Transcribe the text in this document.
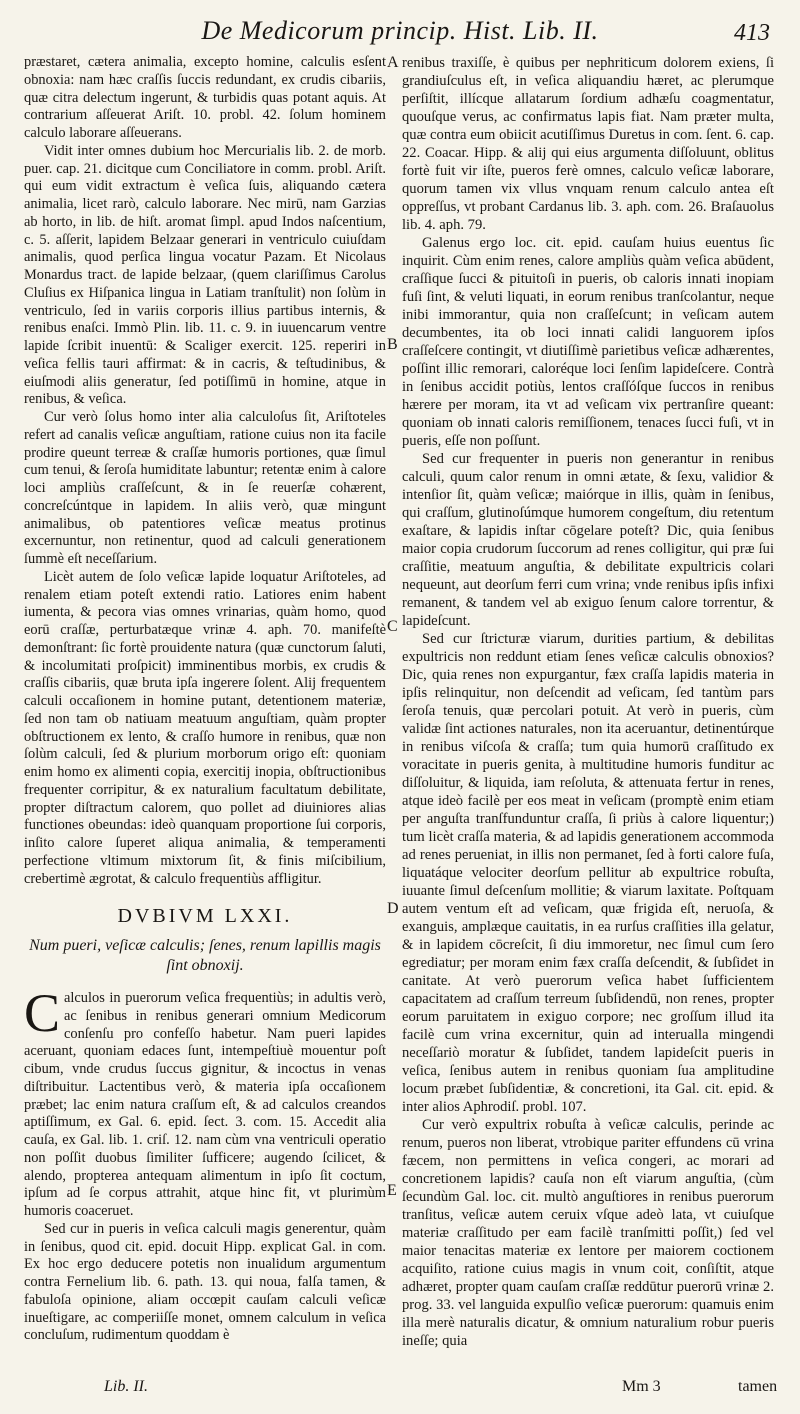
De Medicorum princip. Hist. Lib. II.	413

præstaret, cætera animalia, excepto homine, calculis esſent obnoxia: nam hæc craſſis ſuccis redundant, ex crudis cibariis, quæ citra delectum ingerunt, & turbidis quas potant aquis. At contrarium aſſeuerat Ariſt. 10. probl. 42. ſolum hominem calculo laborare aſſeuerans.

Vidit inter omnes dubium hoc Mercurialis lib. 2. de morb. puer. cap. 21. dicitque cum Conciliatore in comm. probl. Ariſt. qui eum vidit extractum è veſica ſuis, aliquando cætera animalia, licet rarò, calculo laborare. Nec mirū, nam Garzias ab horto, in lib. de hiſt. aromat ſimpl. apud Indos naſcentium, c. 5. aſſerit, lapidem Belzaar generari in ventriculo cuiuſdam animalis, quod perſica lingua vocatur Pazam. Et Nicolaus Monardus tract. de lapide belzaar, (quem clariſſimus Carolus Cluſius ex Hiſpanica lingua in Latiam tranſtulit) non ſolùm in ventriculo, ſed in variis corporis illius partibus internis, & renibus enaſci. Immò Plin. lib. 11. c. 9. in iuuencarum ventre lapide ſcribit inuentū: & Scaliger exercit. 125. reperiri in veſica fellis tauri affirmat: & in cacris, & teſtudinibus, & eiuſmodi aliis generatur, ſed potiſſimū in homine, atque in renibus, & veſica.

Cur verò ſolus homo inter alia calculoſus ſit, Ariſtoteles refert ad canalis veſicæ anguſtiam, ratione cuius non ita facile prodire queunt terreæ & craſſæ humoris portiones, quæ ſimul cum tenui, & ſeroſa humiditate labuntur; retentæ enim à calore loci ampliùs craſſeſcunt, & in ſe reuerſæ cohærent, concreſcúntque in lapidem. In aliis verò, quæ mingunt animalibus, ob patentiores veſicæ meatus protinus excernuntur, non retinentur, quod ad calculi generationem ſummè eſt neceſſarium.

Licèt autem de ſolo veſicæ lapide loquatur Ariſtoteles, ad renalem etiam poteſt extendi ratio. Latiores enim habent iumenta, & pecora vias omnes vrinarias, quàm homo, quod eorū craſſæ, perturbatæque vrinæ 4. aph. 70. manifeſtè demonſtrant: ſic fortè prouidente natura (quæ cunctorum ſaluti, & incolumitati proſpicit) imminentibus morbis, ex crudis & craſſis cibariis, quæ bruta ipſa ingerere ſolent. Alij frequentem calculi occaſionem in homine putant, detentionem materiæ, ſed non tam ob natiuam meatuum anguſtiam, quàm propter obſtructionem ex lento, & craſſo humore in renibus, quæ non ſolùm calculi, ſed & plurium morborum origo eſt: quoniam enim homo ex alimenti copia, exercitij inopia, obſtructionibus frequenter corripitur, & ex naturalium facultatum debilitate, propter diſtractum calorem, quo pollet ad diuiniores alias functiones obeundas: ideò quanquam proportione ſui corporis, inſito calore ſuperet aliqua animalia, & temperamenti perfectione vltimum mixtorum ſit, & finis miſcibilium, crebertimè ægrotat, & calculo frequentiùs affligitur.

DVBIVM LXXI.
Num pueri, veſicæ calculis; ſenes, renum lapillis magis ſint obnoxij.

Calculos in puerorum veſica frequentiùs; in adultis verò, ac ſenibus in renibus generari omnium Medicorum conſenſu pro confeſſo habetur. Nam pueri lapides aceruant, quoniam edaces ſunt, intempeſtiuè mouentur poſt cibum, vnde crudus ſuccus gignitur, & incoctus in venas diſtribuitur. Lactentibus verò, & materia ipſa occaſionem præbet; lac enim natura craſſum eſt, & ad calculos creandos aptiſſimum, ex Gal. 6. epid. ſect. 3. com. 15. Accedit alia cauſa, ex Gal. lib. 1. criſ. 12. nam cùm vna ventriculi operatio non poſſit duobus ſimiliter ſufficere; augendo ſcilicet, & alendo, propterea antequam alimentum in ipſo ſit coctum, ipſum ad ſe corpus attrahit, atque hinc fit, vt plurimùm humoris coaceruet.

Sed cur in pueris in veſica calculi magis generentur, quàm in ſenibus, quod cit. epid. docuit Hipp. explicat Gal. in com. Ex hoc ergo deducere potetis non inualidum argumentum contra Fernelium lib. 6. path. 13. qui noua, falſa tamen, & fabuloſa opinione, aliam occœpit cauſam calculi veſicæ inueſtigare, ac comperiiſſe monet, omnem calculum in veſica concluſum, rudimentum quoddam è

A
B
C
D
E

renibus traxiſſe, è quibus per nephriticum dolorem exiens, ſi grandiuſculus eſt, in veſica aliquandiu hæret, ac plerumque perſiſtit, illícque allatarum ſordium adhæſu coagmentatur, quouſque verus, ac confirmatus lapis fiat. Nam præter multa, quæ contra eum obiicit acutiſſimus Duretus in com. ſent. 6. cap. 22. Coacar. Hipp. & alij qui eius argumenta diſſoluunt, oblitus fortè fuit vir iſte, pueros ferè omnes, calculo veſicæ laborare, quorum tamen vix vllus vnquam renum calculo antea eſt oppreſſus, vt probant Cardanus lib. 3. aph. com. 26. Braſauolus lib. 4. aph. 79.

Galenus ergo loc. cit. epid. cauſam huius euentus ſic inquirit. Cùm enim renes, calore ampliùs quàm veſica abūdent, craſſique ſucci & pituitoſi in pueris, ob caloris innati inopiam fuſi ſint, & veluti liquati, in eorum renibus tranſcolantur, neque inibi immorantur, quia non craſſeſcunt; in veſicam autem decumbentes, ita ob loci innati calidi languorem ipſos craſſeſcere contingit, vt diutiſſimè parietibus veſicæ adhærentes, poſſint illic remorari, caloréque loci ſenſim lapideſcere. Contrà in ſenibus accidit potiùs, lentos craſſóſque ſuccos in renibus hærere per moram, ita vt ad veſicam vix pertranſire queant: quoniam ob innati caloris remiſſionem, tenaces ſucci fuſi, vt in pueris, eſſe non poſſunt.

Sed cur frequenter in pueris non generantur in renibus calculi, quum calor renum in omni ætate, & ſexu, validior & intenſior ſit, quàm veſicæ; maiórque in illis, quàm in ſenibus, qui craſſum, glutinoſúmque humorem congeſtum, diu retentum exaſtare, & lapidis inſtar cōgelare poteſt? Dic, quia ſenibus maior copia crudorum ſuccorum ad renes colligitur, qui præ ſui craſſitie, meatuum anguſtia, & debilitate expultricis colari nequeunt, aut deorſum ferri cum vrina; vnde renibus ipſis infixi remanent, & tandem vel ab exiguo ſenum calore torrentur, & lapideſcunt.

Sed cur ſtricturæ viarum, durities partium, & debilitas expultricis non reddunt etiam ſenes veſicæ calculis obnoxios? Dic, quia renes non expurgantur, fæx craſſa lapidis materia in ipſis relinquitur, non deſcendit ad veſicam, ſed tantùm pars ſeroſa tenuis, quæ percolari potuit. At verò in pueris, cùm validæ ſint actiones naturales, non ita aceruantur, detinentúrque in renibus viſcoſa & craſſa; tum quia humorū craſſitudo ex voracitate in pueris genita, à multitudine humoris funditur ac diſſoluitur, & liquida, iam reſoluta, & attenuata fertur in renes, atque ideò facilè per eos meat in veſicam (promptè enim etiam per anguſta tranſfunduntur craſſa, ſi priùs à calore liquentur;) tum licèt craſſa materia, & ad lapidis generationem accommoda ad renes perueniat, in illis non permanet, ſed à forti calore fuſa, liquatáque velociter deorſum pellitur ab expultrice robuſta, iuuante ſimul deſcenſum mollitie; & viarum laxitate. Poſtquam autem ventum eſt ad veſicam, quæ frigida eſt, neruoſa, & exanguis, amplæque cauitatis, in ea rurſus craſſities illa gelatur, & in lapidem cōcreſcit, ſi diu immoretur, nec ſimul cum ſero egrediatur; per moram enim fæx craſſa deſcendit, & ſubſidet in canitate. At verò puerorum veſica habet ſufficientem capacitatem ad craſſum terreum ſubſidendū, non renes, propter eorum paruitatem in exiguo corpore; nec groſſum illud ita facilè cum vrina excernitur, quin ad interualla mingendi neceſſariò moratur & ſubſidet, tandem lapideſcit pueris in veſica, ſenibus autem in renibus quoniam ſua amplitudine locum præbet ſubſidentiæ, & concretioni, ita Gal. cit. epid. & inter alios Aphrodiſ. probl. 107.

Cur verò expultrix robuſta à veſicæ calculis, perinde ac renum, pueros non liberat, vtrobique pariter effundens cū vrina fæcem, non permittens in veſica congeri, ac morari ad concretionem lapidis? cauſa non eſt viarum anguſtia, (cùm ſecundùm Gal. loc. cit. multò anguſtiores in renibus puerorum tranſitus, veſicæ autem ceruix vſque adeò lata, vt cuiuſque materiæ craſſitudo per eam facilè tranſmitti poſſit,) ſed vel maior tenacitas materiæ ex lentore per maiorem coctionem acquiſito, ratione cuius magis in vnum coit, conſiſtit, atque adhæret, propter quam cauſam craſſæ reddūtur puerorū vrinæ 2. prog. 33. vel languida expulſio veſicæ puerorum: quamuis enim illa merè naturalis dicatur, & omnium naturalium robur pueris ineſſe; quia

Lib. II.	Mm 3	tamen
